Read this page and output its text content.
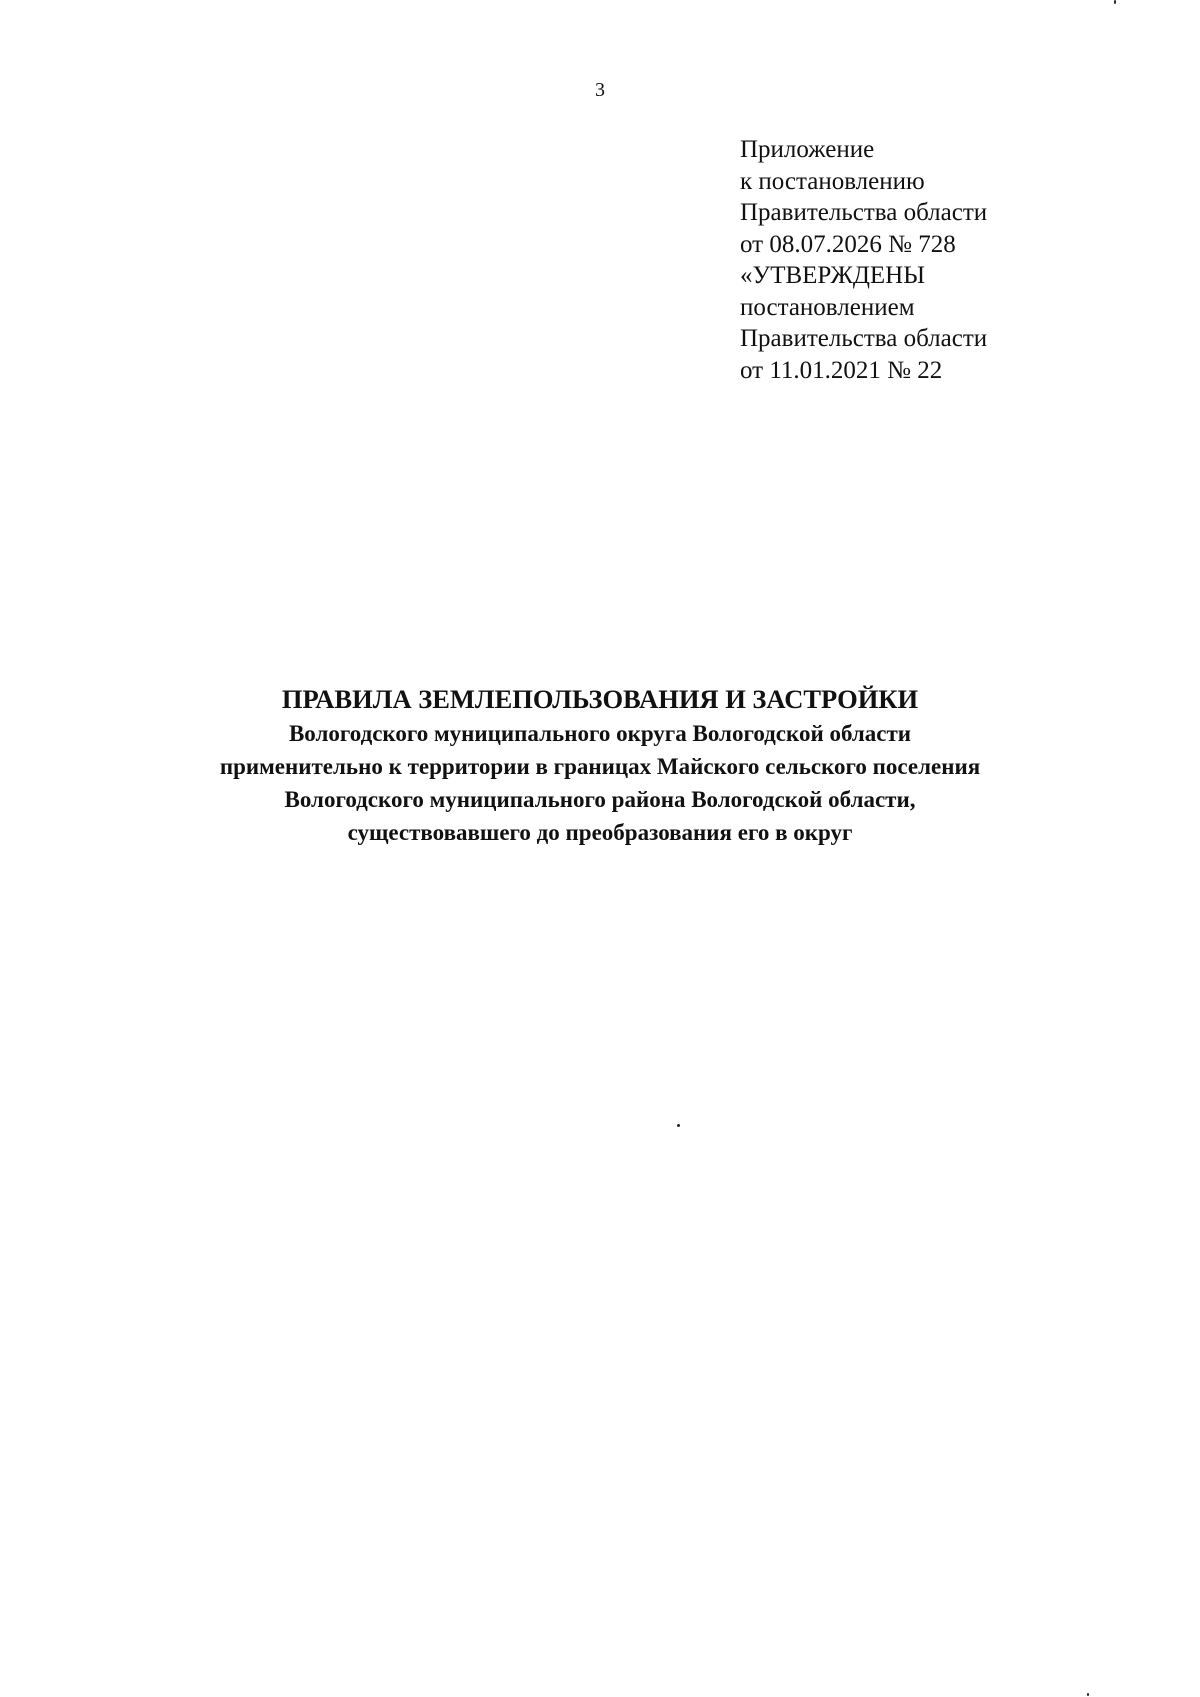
3
Приложение
к постановлению
Правительства области
от 08.07.2026 № 728
«УТВЕРЖДЕНЫ
постановлением
Правительства области
от 11.01.2021 № 22
ПРАВИЛА ЗЕМЛЕПОЛЬЗОВАНИЯ И ЗАСТРОЙКИ
Вологодского муниципального округа Вологодской области
применительно к территории в границах Майского сельского поселения
Вологодского муниципального района Вологодской области,
существовавшего до преобразования его в округ
